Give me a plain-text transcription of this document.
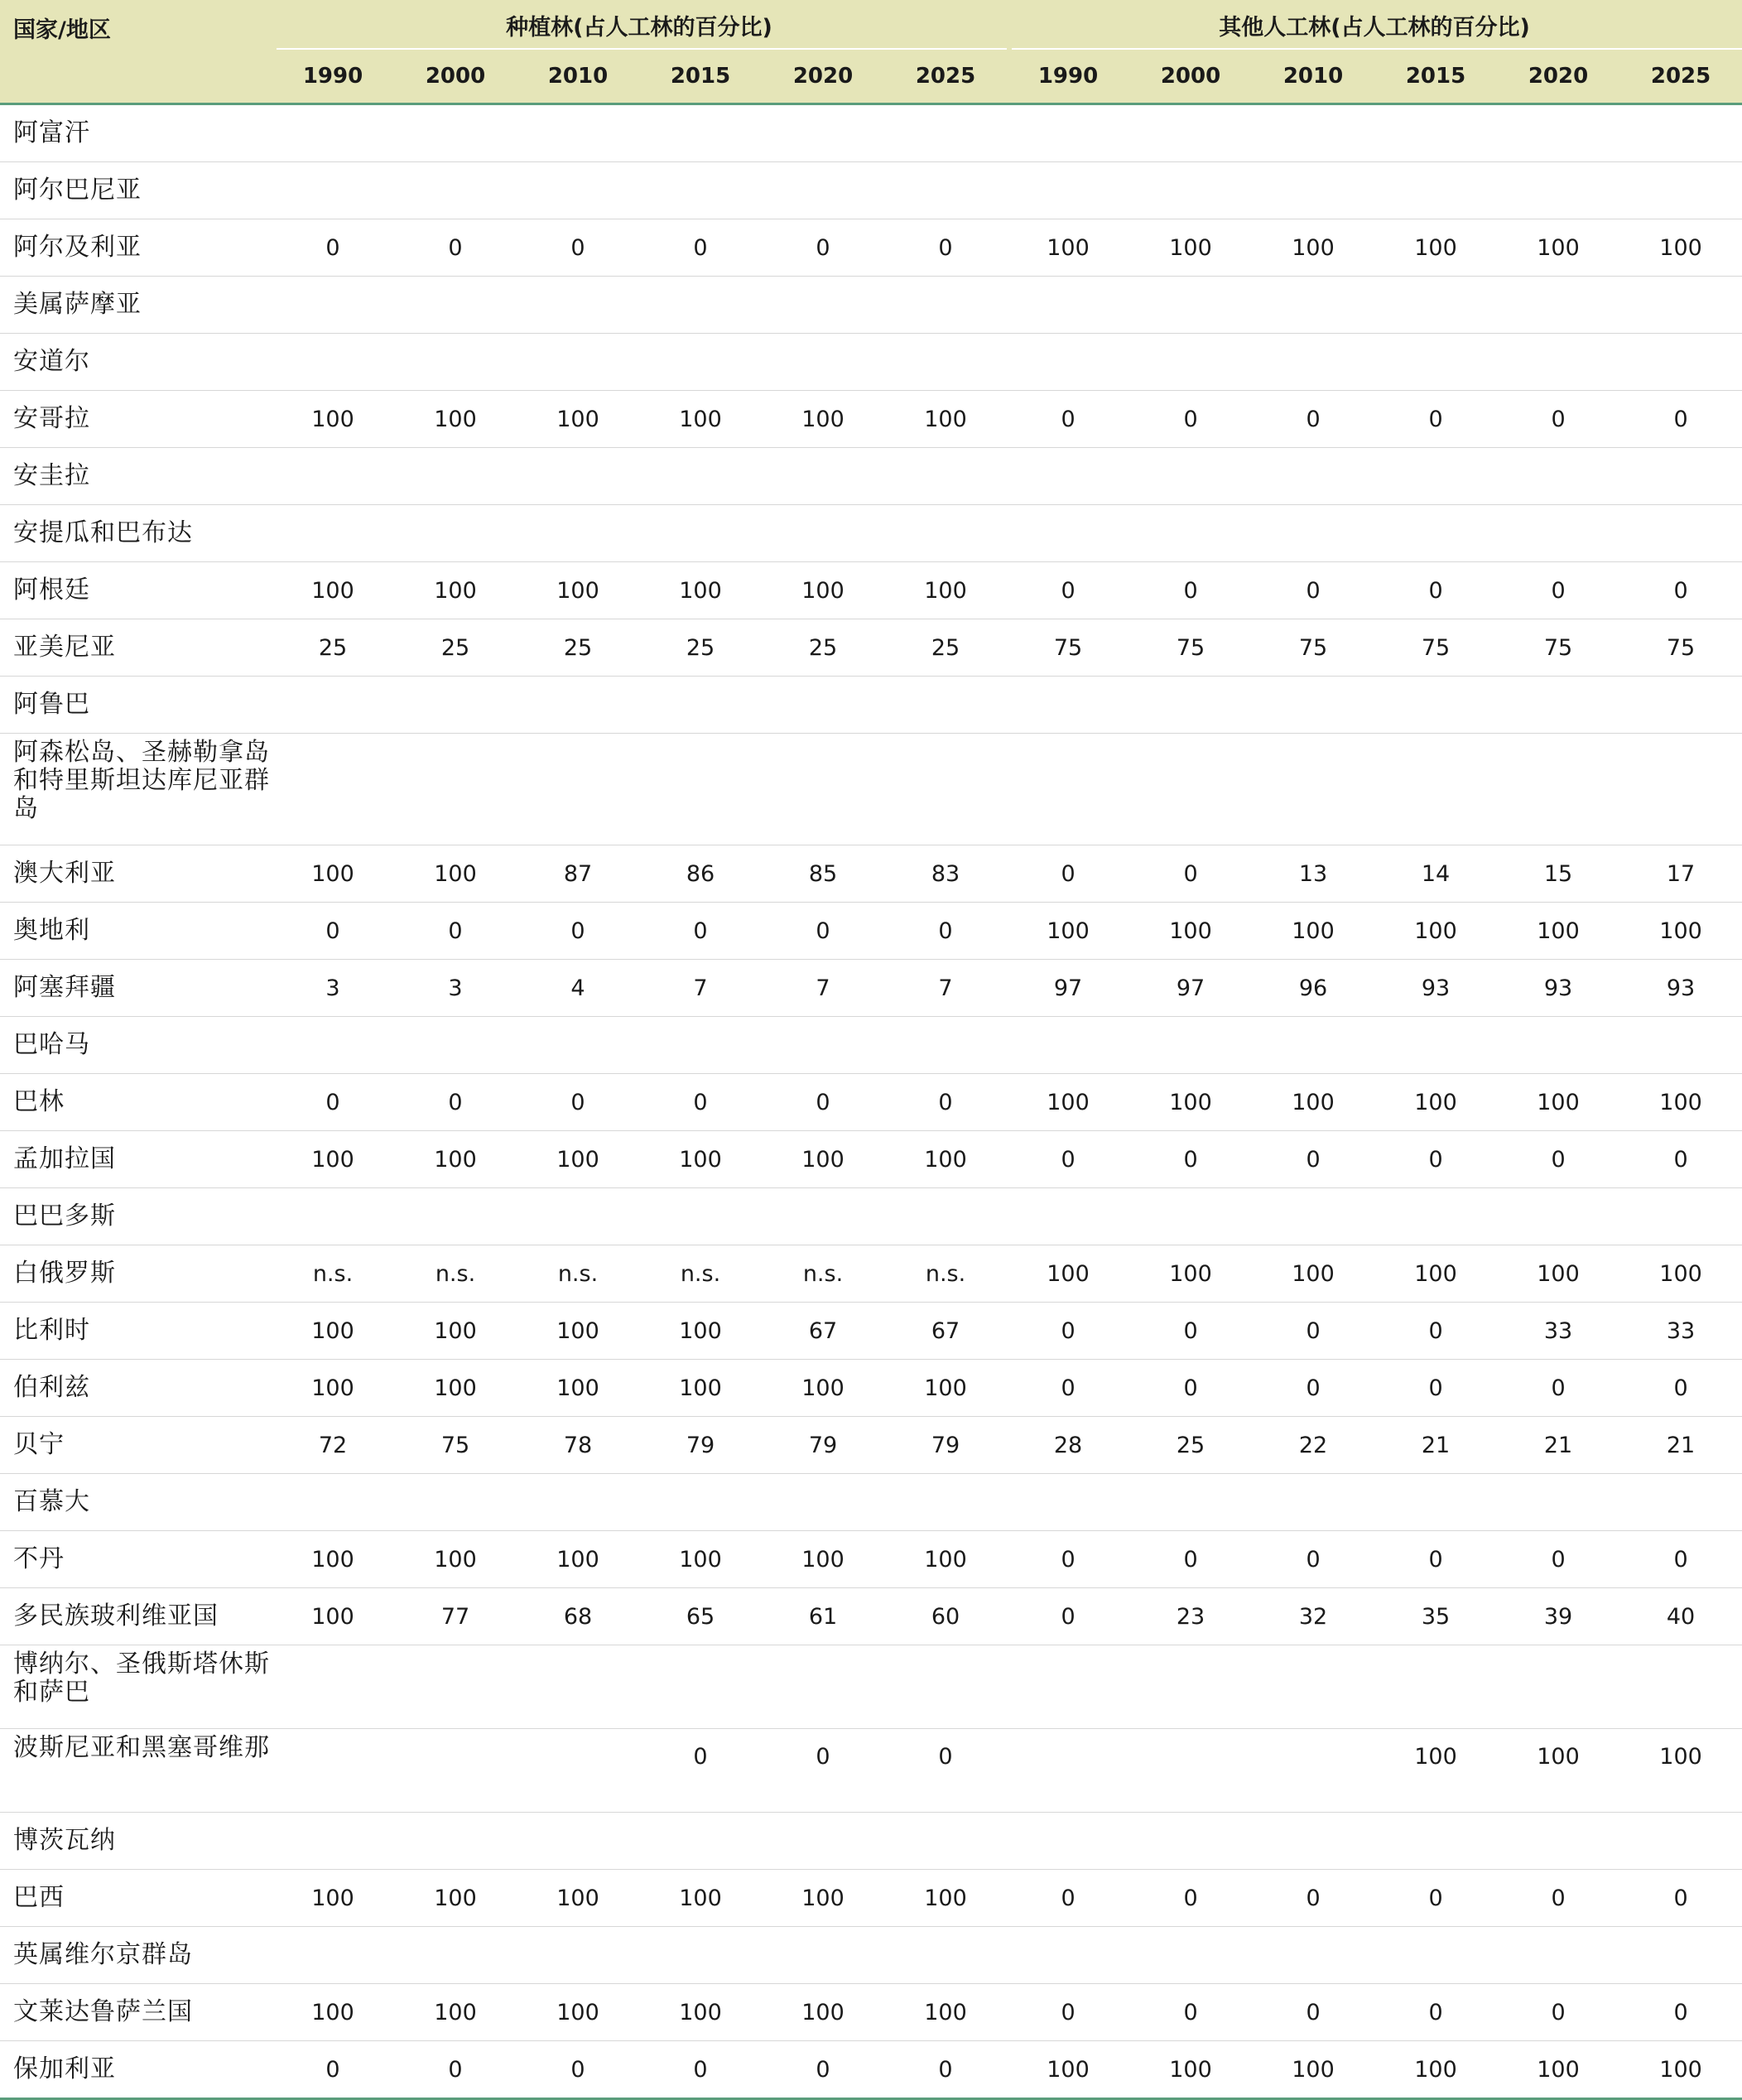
国家/地区	种植林(占人工林的百分比)						其他人工林(占人工林的百分比)					
	1990	2000	2010	2015	2020	2025	1990	2000	2010	2015	2020	2025
阿富汗												
阿尔巴尼亚												
阿尔及利亚	0	0	0	0	0	0	100	100	100	100	100	100
美属萨摩亚												
安道尔												
安哥拉	100	100	100	100	100	100	0	0	0	0	0	0
安圭拉												
安提瓜和巴布达												
阿根廷	100	100	100	100	100	100	0	0	0	0	0	0
亚美尼亚	25	25	25	25	25	25	75	75	75	75	75	75
阿鲁巴												
阿森松岛、圣赫勒拿岛和特里斯坦达库尼亚群岛												
澳大利亚	100	100	87	86	85	83	0	0	13	14	15	17
奥地利	0	0	0	0	0	0	100	100	100	100	100	100
阿塞拜疆	3	3	4	7	7	7	97	97	96	93	93	93
巴哈马												
巴林	0	0	0	0	0	0	100	100	100	100	100	100
孟加拉国	100	100	100	100	100	100	0	0	0	0	0	0
巴巴多斯												
白俄罗斯	n.s.	n.s.	n.s.	n.s.	n.s.	n.s.	100	100	100	100	100	100
比利时	100	100	100	100	67	67	0	0	0	0	33	33
伯利兹	100	100	100	100	100	100	0	0	0	0	0	0
贝宁	72	75	78	79	79	79	28	25	22	21	21	21
百慕大												
不丹	100	100	100	100	100	100	0	0	0	0	0	0
多民族玻利维亚国	100	77	68	65	61	60	0	23	32	35	39	40
博纳尔、圣俄斯塔休斯和萨巴												
波斯尼亚和黑塞哥维那				0	0	0				100	100	100
博茨瓦纳												
巴西	100	100	100	100	100	100	0	0	0	0	0	0
英属维尔京群岛												
文莱达鲁萨兰国	100	100	100	100	100	100	0	0	0	0	0	0
保加利亚	0	0	0	0	0	0	100	100	100	100	100	100
